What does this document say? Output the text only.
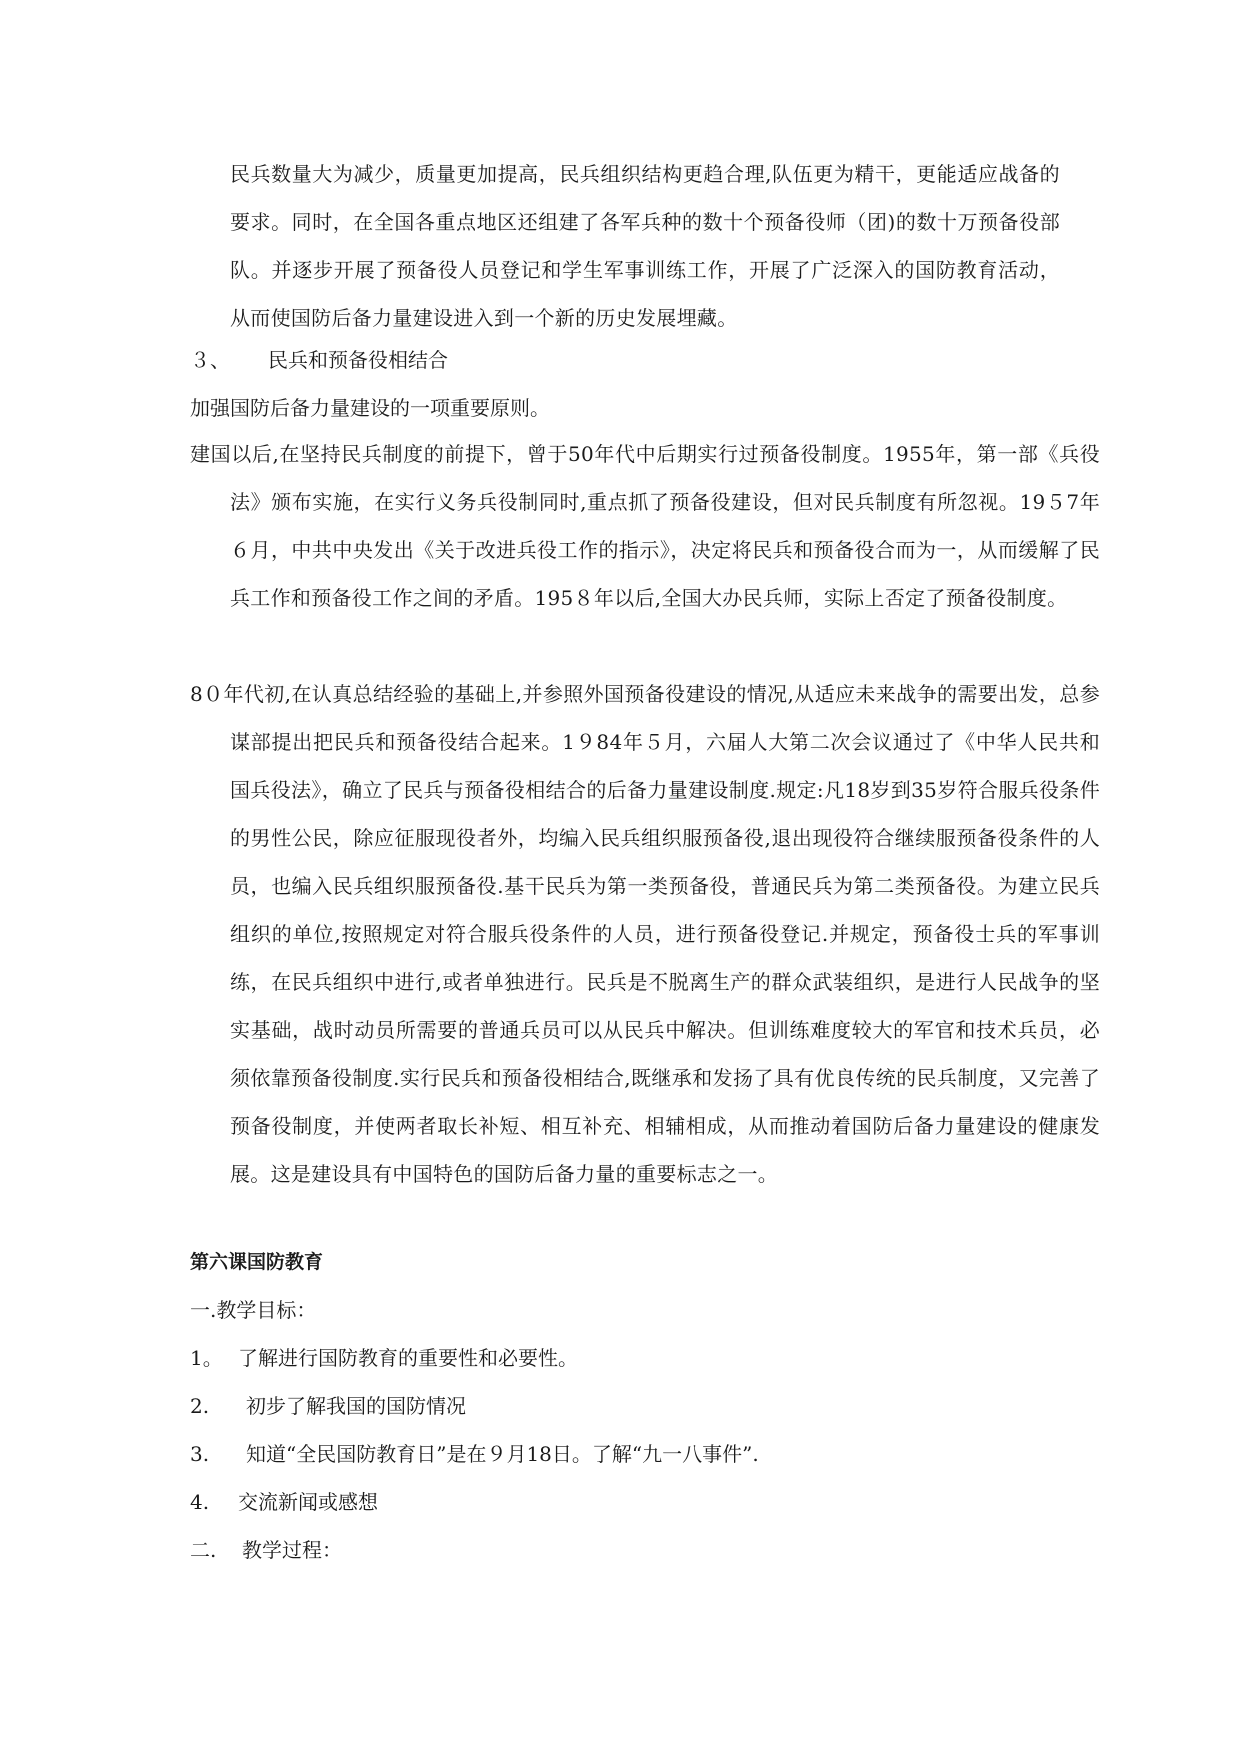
民兵数量大为减少，质量更加提高，民兵组织结构更趋合理,队伍更为精干，更能适应战备的要求。同时，在全国各重点地区还组建了各军兵种的数十个预备役师（团)的数十万预备役部队。并逐步开展了预备役人员登记和学生军事训练工作，开展了广泛深入的国防教育活动，从而使国防后备力量建设进入到一个新的历史发展埋藏。
３、 民兵和预备役相结合
加强国防后备力量建设的一项重要原则。
建国以后,在坚持民兵制度的前提下，曾于50年代中后期实行过预备役制度。1955年，第一部《兵役法》颁布实施，在实行义务兵役制同时,重点抓了预备役建设，但对民兵制度有所忽视。19５7年６月，中共中央发出《关于改进兵役工作的指示》，决定将民兵和预备役合而为一，从而缓解了民兵工作和预备役工作之间的矛盾。195８年以后,全国大办民兵师，实际上否定了预备役制度。
8０年代初,在认真总结经验的基础上,并参照外国预备役建设的情况,从适应未来战争的需要出发，总参谋部提出把民兵和预备役结合起来。1９84年５月，六届人大第二次会议通过了《中华人民共和国兵役法》，确立了民兵与预备役相结合的后备力量建设制度.规定:凡18岁到35岁符合服兵役条件的男性公民，除应征服现役者外，均编入民兵组织服预备役,退出现役符合继续服预备役条件的人员，也编入民兵组织服预备役.基干民兵为第一类预备役，普通民兵为第二类预备役。为建立民兵组织的单位,按照规定对符合服兵役条件的人员，进行预备役登记.并规定，预备役士兵的军事训练，在民兵组织中进行,或者单独进行。民兵是不脱离生产的群众武装组织，是进行人民战争的坚实基础，战时动员所需要的普通兵员可以从民兵中解决。但训练难度较大的军官和技术兵员，必须依靠预备役制度.实行民兵和预备役相结合,既继承和发扬了具有优良传统的民兵制度，又完善了预备役制度，并使两者取长补短、相互补充、相辅相成，从而推动着国防后备力量建设的健康发展。这是建设具有中国特色的国防后备力量的重要标志之一。
第六课国防教育
一.教学目标：
1。 了解进行国防教育的重要性和必要性。
2. 初步了解我国的国防情况
3. 知道“全民国防教育日”是在９月18日。了解“九一八事件”.
4. 交流新闻或感想
二. 教学过程：
